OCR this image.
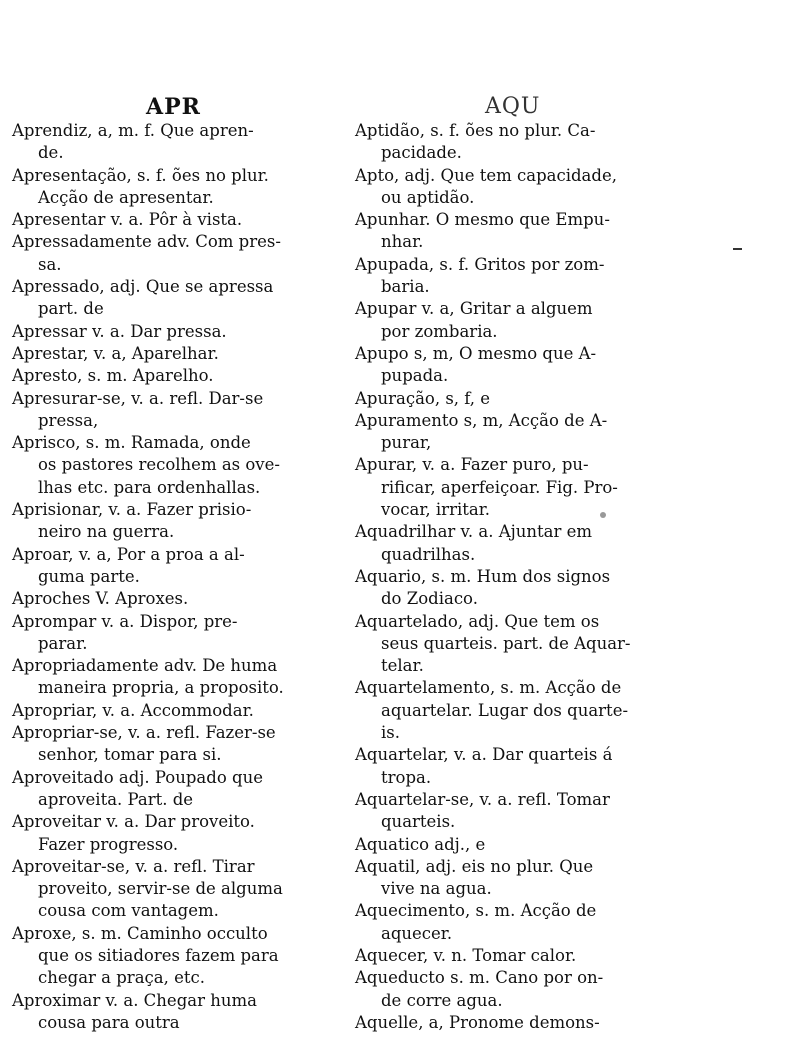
APR	AQU
Aprendiz, a, m. f. Que apren-
de.
Apresentação, s. f. ões no plur.
Acção de apresentar.
Apresentar v. a. Pôr à vista.
Apressadamente adv. Com pres-
sa.
Apressado, adj. Que se apressa
part. de
Apressar v. a. Dar pressa.
Aprestar, v. a, Aparelhar.
Apresto, s. m. Aparelho.
Apresurar-se, v. a. refl. Dar-se
pressa,
Aprisco, s. m. Ramada, onde
os pastores recolhem as ove-
lhas etc. para ordenhallas.
Aprisionar, v. a. Fazer prisio-
neiro na guerra.
Aproar, v. a, Por a proa a al-
guma parte.
Aproches V. Aproxes.
Aprompar v. a. Dispor, pre-
parar.
Apropriadamente adv. De huma
maneira propria, a proposito.
Apropriar, v. a. Accommodar.
Apropriar-se, v. a. refl. Fazer-se
senhor, tomar para si.
Aproveitado adj. Poupado que
aproveita. Part. de
Aproveitar v. a. Dar proveito.
Fazer progresso.
Aproveitar-se, v. a. refl. Tirar
proveito, servir-se de alguma
cousa com vantagem.
Aproxe, s. m. Caminho occulto
que os sitiadores fazem para
chegar a praça, etc.
Aproximar v. a. Chegar huma
cousa para outra
Aptidão, s. f. ões no plur. Ca-
pacidade.
Apto, adj. Que tem capacidade,
ou aptidão.
Apunhar. O mesmo que Empu-
nhar.
Apupada, s. f. Gritos por zom-
baria.
Apupar v. a, Gritar a alguem
por zombaria.
Apupo s, m, O mesmo que A-
pupada.
Apuração, s, f, e
Apuramento s, m, Acção de A-
purar,
Apurar, v. a. Fazer puro, pu-
rificar, aperfeiçoar. Fig. Pro-
vocar, irritar.
Aquadrilhar v. a. Ajuntar em
quadrilhas.
Aquario, s. m. Hum dos signos
do Zodiaco.
Aquartelado, adj. Que tem os
seus quarteis. part. de Aquar-
telar.
Aquartelamento, s. m. Acção de
aquartelar. Lugar dos quarte-
is.
Aquartelar, v. a. Dar quarteis á
tropa.
Aquartelar-se, v. a. refl. Tomar
quarteis.
Aquatico adj., e
Aquatil, adj. eis no plur. Que
vive na agua.
Aquecimento, s. m. Acção de
aquecer.
Aquecer, v. n. Tomar calor.
Aqueducto s. m. Cano por on-
de corre agua.
Aquelle, a, Pronome demons-
